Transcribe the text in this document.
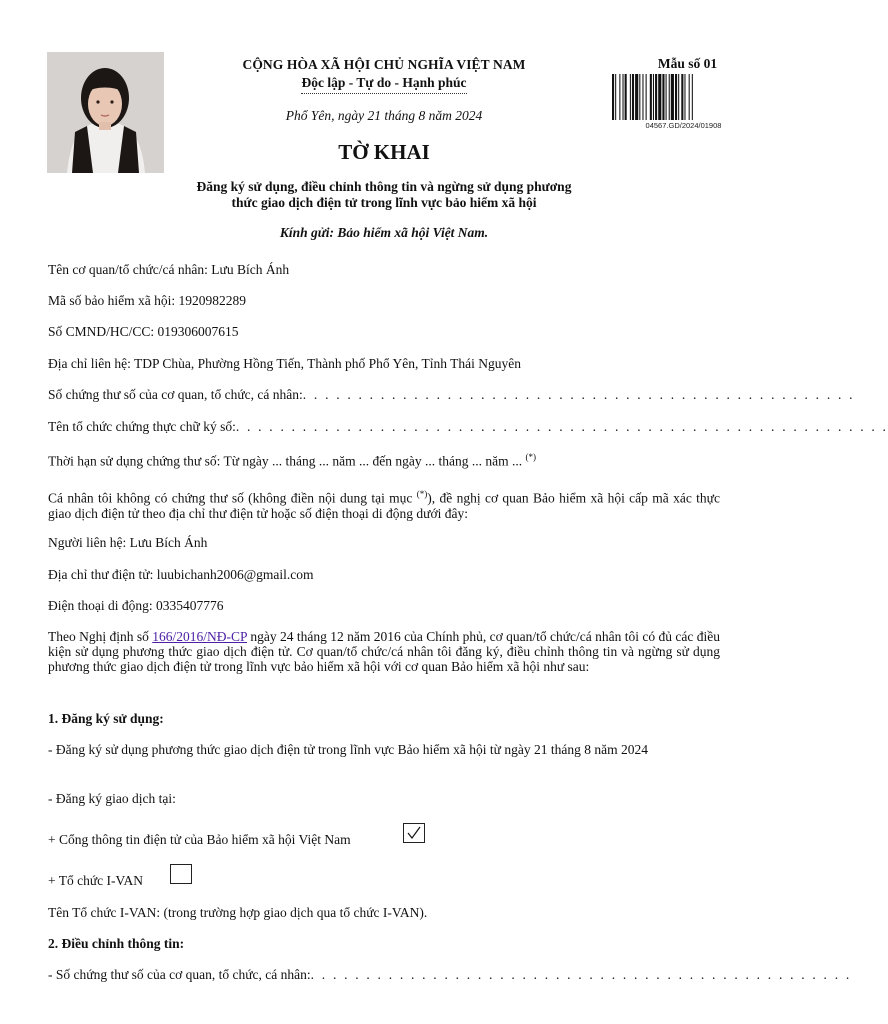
CỘNG HÒA XÃ HỘI CHỦ NGHĨA VIỆT NAM
Độc lập - Tự do - Hạnh phúc
Phổ Yên, ngày 21 tháng 8 năm 2024
Mẫu số 01
04567.GD/2024/01908
TỜ KHAI
Đăng ký sử dụng, điều chỉnh thông tin và ngừng sử dụng phương
thức giao dịch điện tử trong lĩnh vực bảo hiểm xã hội
Kính gửi: Bảo hiểm xã hội Việt Nam.
Tên cơ quan/tổ chức/cá nhân: Lưu Bích Ánh
Mã số bảo hiểm xã hội: 1920982289
Số CMND/HC/CC: 019306007615
Địa chỉ liên hệ: TDP Chùa, Phường Hồng Tiến, Thành phố Phổ Yên, Tỉnh Thái Nguyên
Số chứng thư số của cơ quan, tổ chức, cá nhân:. . . . . . . . . . . . . . . . . . . . . . . . . . . . . . . . . . . . . . . . . . . . . . . . . .
Tên tổ chức chứng thực chữ ký số:. . . . . . . . . . . . . . . . . . . . . . . . . . . . . . . . . . . . . . . . . . . . . . . . . . . . . . . . . . .
Thời hạn sử dụng chứng thư số: Từ ngày ... tháng ... năm ... đến ngày ... tháng ... năm ... (*)
Cá nhân tôi không có chứng thư số (không điền nội dung tại mục (*)), đề nghị cơ quan Bảo hiểm xã hội cấp mã xác thực giao dịch điện tử theo địa chỉ thư điện tử hoặc số điện thoại di động dưới đây:
Người liên hệ: Lưu Bích Ánh
Địa chỉ thư điện tử: luubichanh2006@gmail.com
Điện thoại di động: 0335407776
Theo Nghị định số 166/2016/NĐ-CP ngày 24 tháng 12 năm 2016 của Chính phủ, cơ quan/tổ chức/cá nhân tôi có đủ các điều kiện sử dụng phương thức giao dịch điện tử. Cơ quan/tổ chức/cá nhân tôi đăng ký, điều chỉnh thông tin và ngừng sử dụng phương thức giao dịch điện tử trong lĩnh vực bảo hiểm xã hội với cơ quan Bảo hiểm xã hội như sau:
1. Đăng ký sử dụng:
- Đăng ký sử dụng phương thức giao dịch điện tử trong lĩnh vực Bảo hiểm xã hội từ ngày 21 tháng 8 năm 2024
- Đăng ký giao dịch tại:
+ Cổng thông tin điện tử của Bảo hiểm xã hội Việt Nam
+ Tổ chức I-VAN
Tên Tổ chức I-VAN: (trong trường hợp giao dịch qua tổ chức I-VAN).
2. Điều chỉnh thông tin:
- Số chứng thư số của cơ quan, tổ chức, cá nhân:. . . . . . . . . . . . . . . . . . . . . . . . . . . . . . . . . . . . . . . . . . . . . . . . .
